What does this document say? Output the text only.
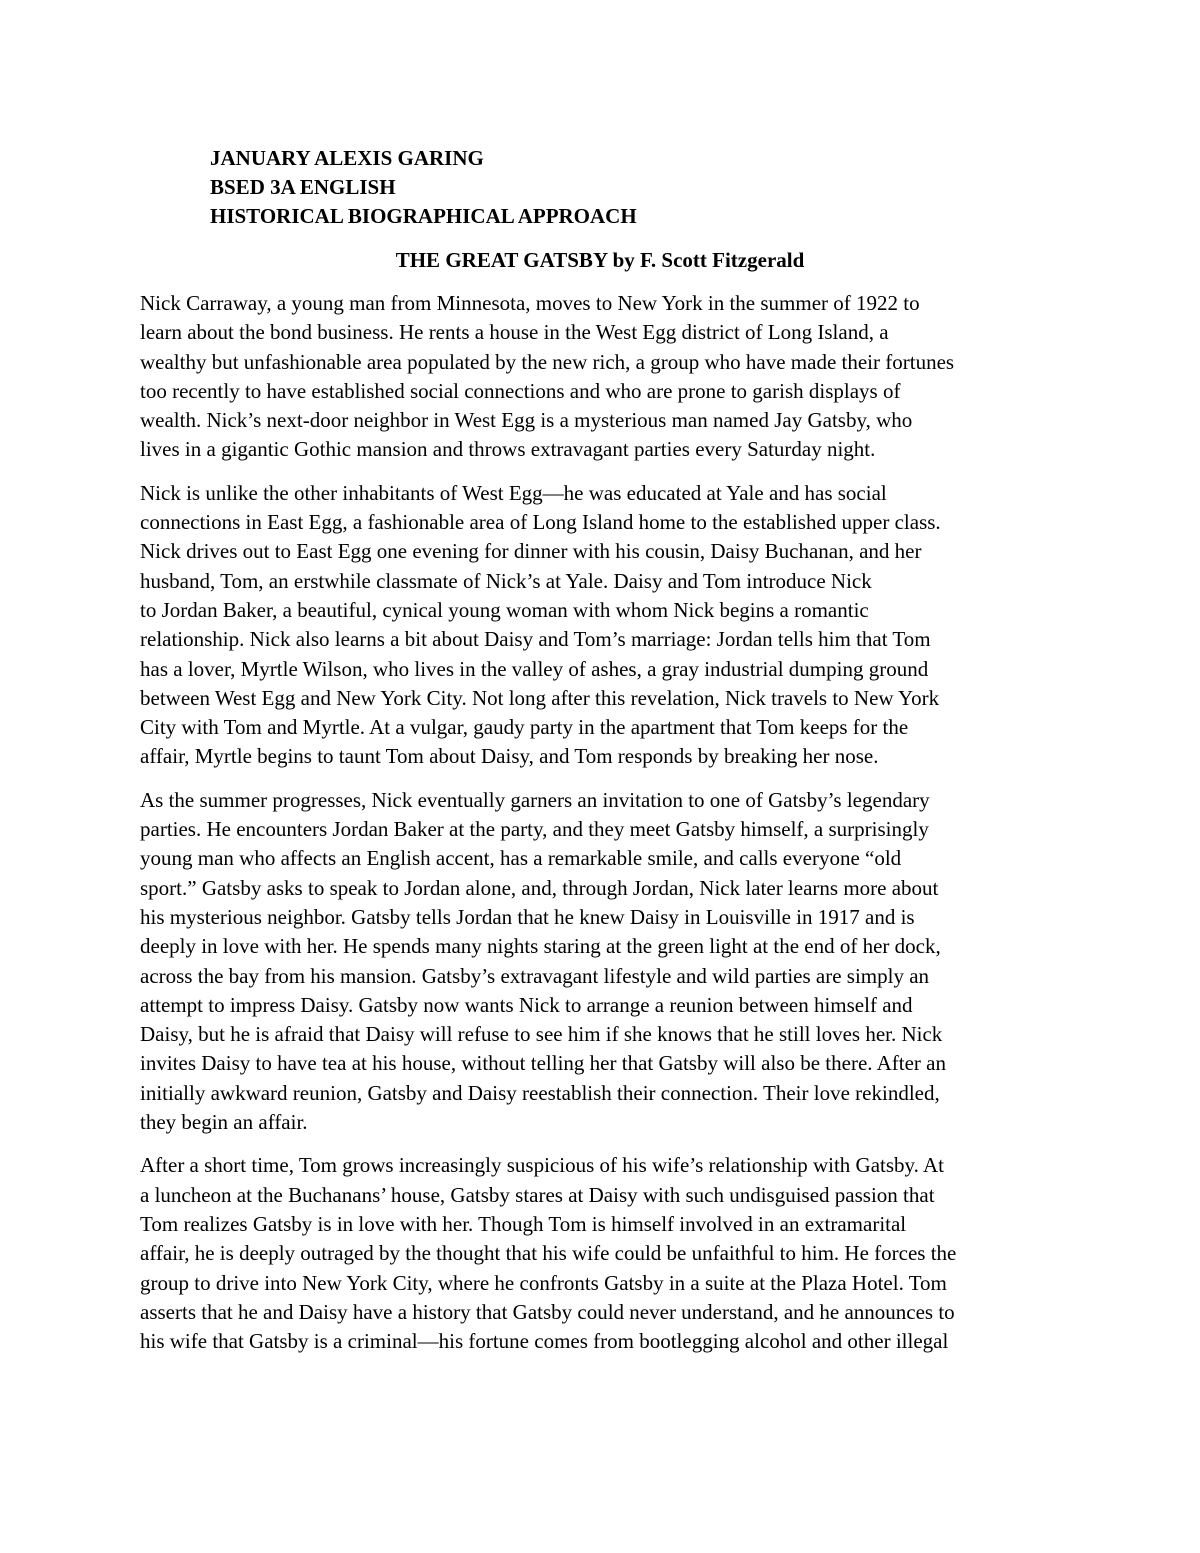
JANUARY ALEXIS GARING
BSED 3A ENGLISH
HISTORICAL BIOGRAPHICAL APPROACH
THE GREAT GATSBY by F. Scott Fitzgerald

Nick Carraway, a young man from Minnesota, moves to New York in the summer of 1922 to
learn about the bond business. He rents a house in the West Egg district of Long Island, a
wealthy but unfashionable area populated by the new rich, a group who have made their fortunes
too recently to have established social connections and who are prone to garish displays of
wealth. Nick’s next-door neighbor in West Egg is a mysterious man named Jay Gatsby, who
lives in a gigantic Gothic mansion and throws extravagant parties every Saturday night.

Nick is unlike the other inhabitants of West Egg—he was educated at Yale and has social
connections in East Egg, a fashionable area of Long Island home to the established upper class.
Nick drives out to East Egg one evening for dinner with his cousin, Daisy Buchanan, and her
husband, Tom, an erstwhile classmate of Nick’s at Yale. Daisy and Tom introduce Nick
to Jordan Baker, a beautiful, cynical young woman with whom Nick begins a romantic
relationship. Nick also learns a bit about Daisy and Tom’s marriage: Jordan tells him that Tom
has a lover, Myrtle Wilson, who lives in the valley of ashes, a gray industrial dumping ground
between West Egg and New York City. Not long after this revelation, Nick travels to New York
City with Tom and Myrtle. At a vulgar, gaudy party in the apartment that Tom keeps for the
affair, Myrtle begins to taunt Tom about Daisy, and Tom responds by breaking her nose.

As the summer progresses, Nick eventually garners an invitation to one of Gatsby’s legendary
parties. He encounters Jordan Baker at the party, and they meet Gatsby himself, a surprisingly
young man who affects an English accent, has a remarkable smile, and calls everyone “old
sport.” Gatsby asks to speak to Jordan alone, and, through Jordan, Nick later learns more about
his mysterious neighbor. Gatsby tells Jordan that he knew Daisy in Louisville in 1917 and is
deeply in love with her. He spends many nights staring at the green light at the end of her dock,
across the bay from his mansion. Gatsby’s extravagant lifestyle and wild parties are simply an
attempt to impress Daisy. Gatsby now wants Nick to arrange a reunion between himself and
Daisy, but he is afraid that Daisy will refuse to see him if she knows that he still loves her. Nick
invites Daisy to have tea at his house, without telling her that Gatsby will also be there. After an
initially awkward reunion, Gatsby and Daisy reestablish their connection. Their love rekindled,
they begin an affair.

After a short time, Tom grows increasingly suspicious of his wife’s relationship with Gatsby. At
a luncheon at the Buchanans’ house, Gatsby stares at Daisy with such undisguised passion that
Tom realizes Gatsby is in love with her. Though Tom is himself involved in an extramarital
affair, he is deeply outraged by the thought that his wife could be unfaithful to him. He forces the
group to drive into New York City, where he confronts Gatsby in a suite at the Plaza Hotel. Tom
asserts that he and Daisy have a history that Gatsby could never understand, and he announces to
his wife that Gatsby is a criminal—his fortune comes from bootlegging alcohol and other illegal
